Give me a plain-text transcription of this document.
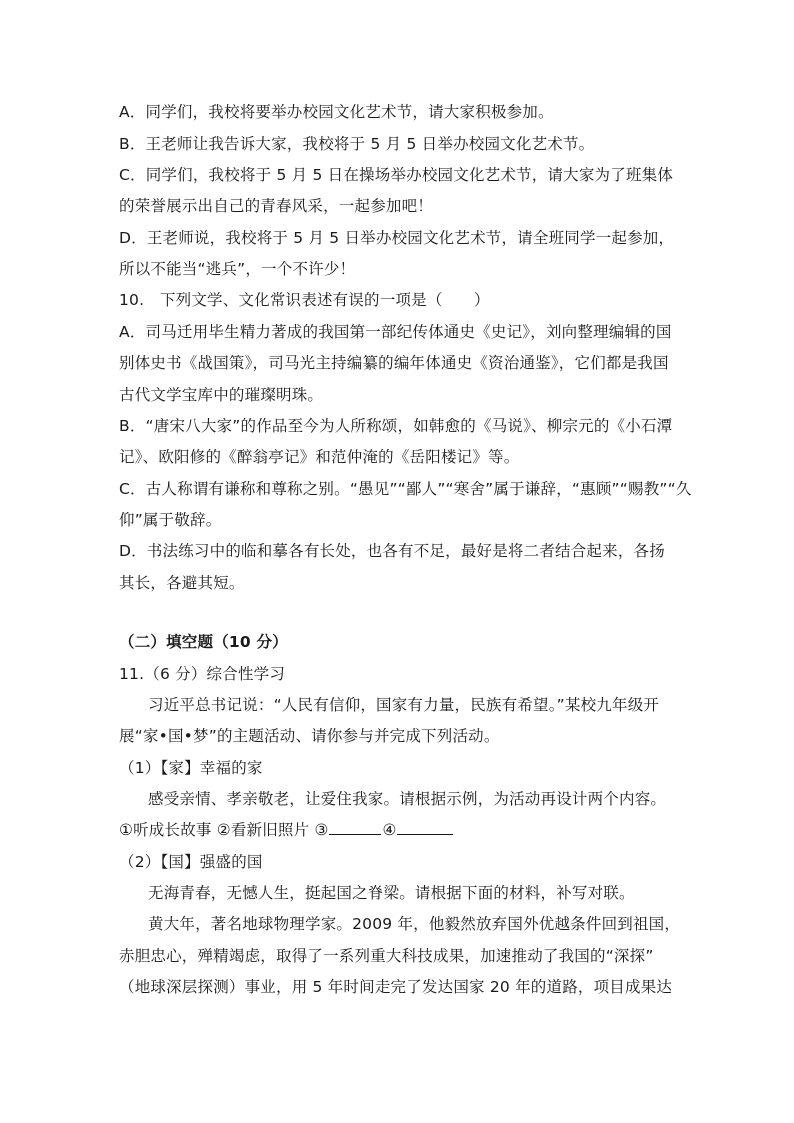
A．同学们，我校将要举办校园文化艺术节，请大家积极参加。
B．王老师让我告诉大家，我校将于 5 月 5 日举办校园文化艺术节。
C．同学们，我校将于 5 月 5 日在操场举办校园文化艺术节，请大家为了班集体
的荣誉展示出自己的青春风采，一起参加吧！
D．王老师说，我校将于 5 月 5 日举办校园文化艺术节，请全班同学一起参加，
所以不能当“逃兵”，一个不许少！
10.　下列文学、文化常识表述有误的一项是（　　）
A．司马迁用毕生精力著成的我国第一部纪传体通史《史记》，刘向整理编辑的国
别体史书《战国策》，司马光主持编纂的编年体通史《资治通鉴》，它们都是我国
古代文学宝库中的璀璨明珠。
B．“唐宋八大家”的作品至今为人所称颂，如韩愈的《马说》、柳宗元的《小石潭
记》、欧阳修的《醉翁亭记》和范仲淹的《岳阳楼记》等。
C．古人称谓有谦称和尊称之别。“愚见”“鄙人”“寒舍”属于谦辞，“惠顾”“赐教”“久
仰”属于敬辞。
D．书法练习中的临和摹各有长处，也各有不足，最好是将二者结合起来，各扬
其长，各避其短。
（二）填空题（10 分）
11.（6 分）综合性学习
习近平总书记说：“人民有信仰，国家有力量，民族有希望。”某校九年级开
展“家•国•梦”的主题活动、请你参与并完成下列活动。
（1）【家】幸福的家
感受亲情、孝亲敬老，让爱住我家。请根据示例，为活动再设计两个内容。
①听成长故事 ②看新旧照片 ③	④
（2）【国】强盛的国
无海青春，无憾人生，挺起国之脊梁。请根据下面的材料，补写对联。
黄大年，著名地球物理学家。2009 年，他毅然放弃国外优越条件回到祖国，
赤胆忠心，殚精竭虑，取得了一系列重大科技成果，加速推动了我国的“深探”
（地球深层探测）事业，用 5 年时间走完了发达国家 20 年的道路，项目成果达
